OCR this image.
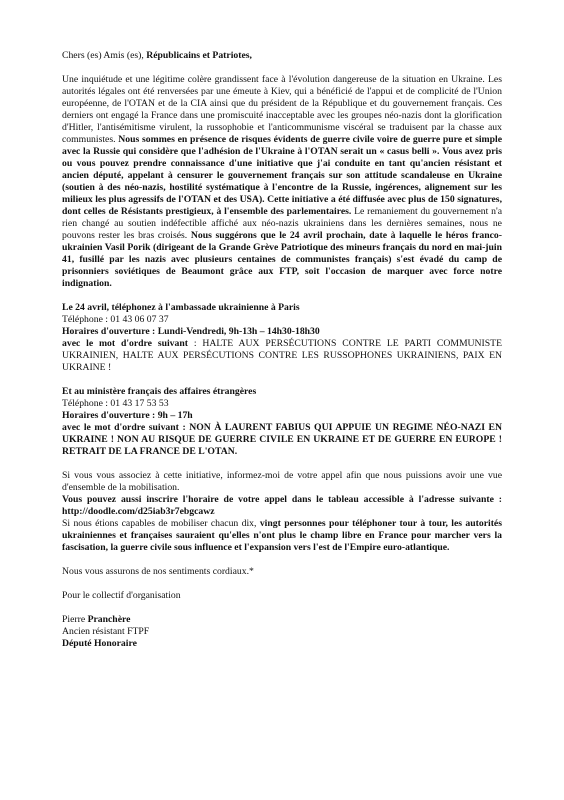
Chers (es) Amis (es), Républicains et Patriotes,

Une inquiétude et une légitime colère grandissent face à l'évolution dangereuse de la situation en Ukraine. Les autorités légales ont été renversées par une émeute à Kiev, qui a bénéficié de l'appui et de complicité de l'Union européenne, de l'OTAN et de la CIA ainsi que du président de la République et du gouvernement français. Ces derniers ont engagé la France dans une promiscuité inacceptable avec les groupes néo-nazis dont la glorification d'Hitler, l'antisémitisme virulent, la russophobie et l'anticommunisme viscéral se traduisent par la chasse aux communistes. Nous sommes en présence de risques évidents de guerre civile voire de guerre pure et simple avec la Russie qui considère que l'adhésion de l'Ukraine à l'OTAN serait un « casus belli ». Vous avez pris ou vous pouvez prendre connaissance d'une initiative que j'ai conduite en tant qu'ancien résistant et ancien député, appelant à censurer le gouvernement français sur son attitude scandaleuse en Ukraine (soutien à des néo-nazis, hostilité systématique à l'encontre de la Russie, ingérences, alignement sur les milieux les plus agressifs de l'OTAN et des USA). Cette initiative a été diffusée avec plus de 150 signatures, dont celles de Résistants prestigieux, à l'ensemble des parlementaires. Le remaniement du gouvernement n'a rien changé au soutien indéfectible affiché aux néo-nazis ukrainiens dans les dernières semaines, nous ne pouvons rester les bras croisés. Nous suggérons que le 24 avril prochain, date à laquelle le héros franco-ukrainien Vasil Porik (dirigeant de la Grande Grève Patriotique des mineurs français du nord en mai-juin 41, fusillé par les nazis avec plusieurs centaines de communistes français) s'est évadé du camp de prisonniers soviétiques de Beaumont grâce aux FTP, soit l'occasion de marquer avec force notre indignation.

Le 24 avril, téléphonez à l'ambassade ukrainienne à Paris

Téléphone : 01 43 06 07 37

Horaires d'ouverture : Lundi-Vendredi, 9h-13h – 14h30-18h30

avec le mot d'ordre suivant : HALTE AUX PERSÉCUTIONS CONTRE LE PARTI COMMUNISTE UKRAINIEN, HALTE AUX PERSÉCUTIONS CONTRE LES RUSSOPHONES UKRAINIENS, PAIX EN UKRAINE !

Et au ministère français des affaires étrangères

Téléphone : 01 43 17 53 53

Horaires d'ouverture : 9h – 17h

avec le mot d'ordre suivant : NON À LAURENT FABIUS QUI APPUIE UN REGIME NÉO-NAZI EN UKRAINE ! NON AU RISQUE DE GUERRE CIVILE EN UKRAINE ET DE GUERRE EN EUROPE ! RETRAIT DE LA FRANCE DE L'OTAN.

Si vous vous associez à cette initiative, informez-moi de votre appel afin que nous puissions avoir une vue d'ensemble de la mobilisation.

Vous pouvez aussi inscrire l'horaire de votre appel dans le tableau accessible à l'adresse suivante : http://doodle.com/d25iab3r7ebgcawz

Si nous étions capables de mobiliser chacun dix, vingt personnes pour téléphoner tour à tour, les autorités ukrainiennes et françaises sauraient qu'elles n'ont plus le champ libre en France pour marcher vers la fascisation, la guerre civile sous influence et l'expansion vers l'est de l'Empire euro-atlantique.

Nous vous assurons de nos sentiments cordiaux.*

Pour le collectif d'organisation

Pierre Pranchère

Ancien résistant FTPF

Député Honoraire
